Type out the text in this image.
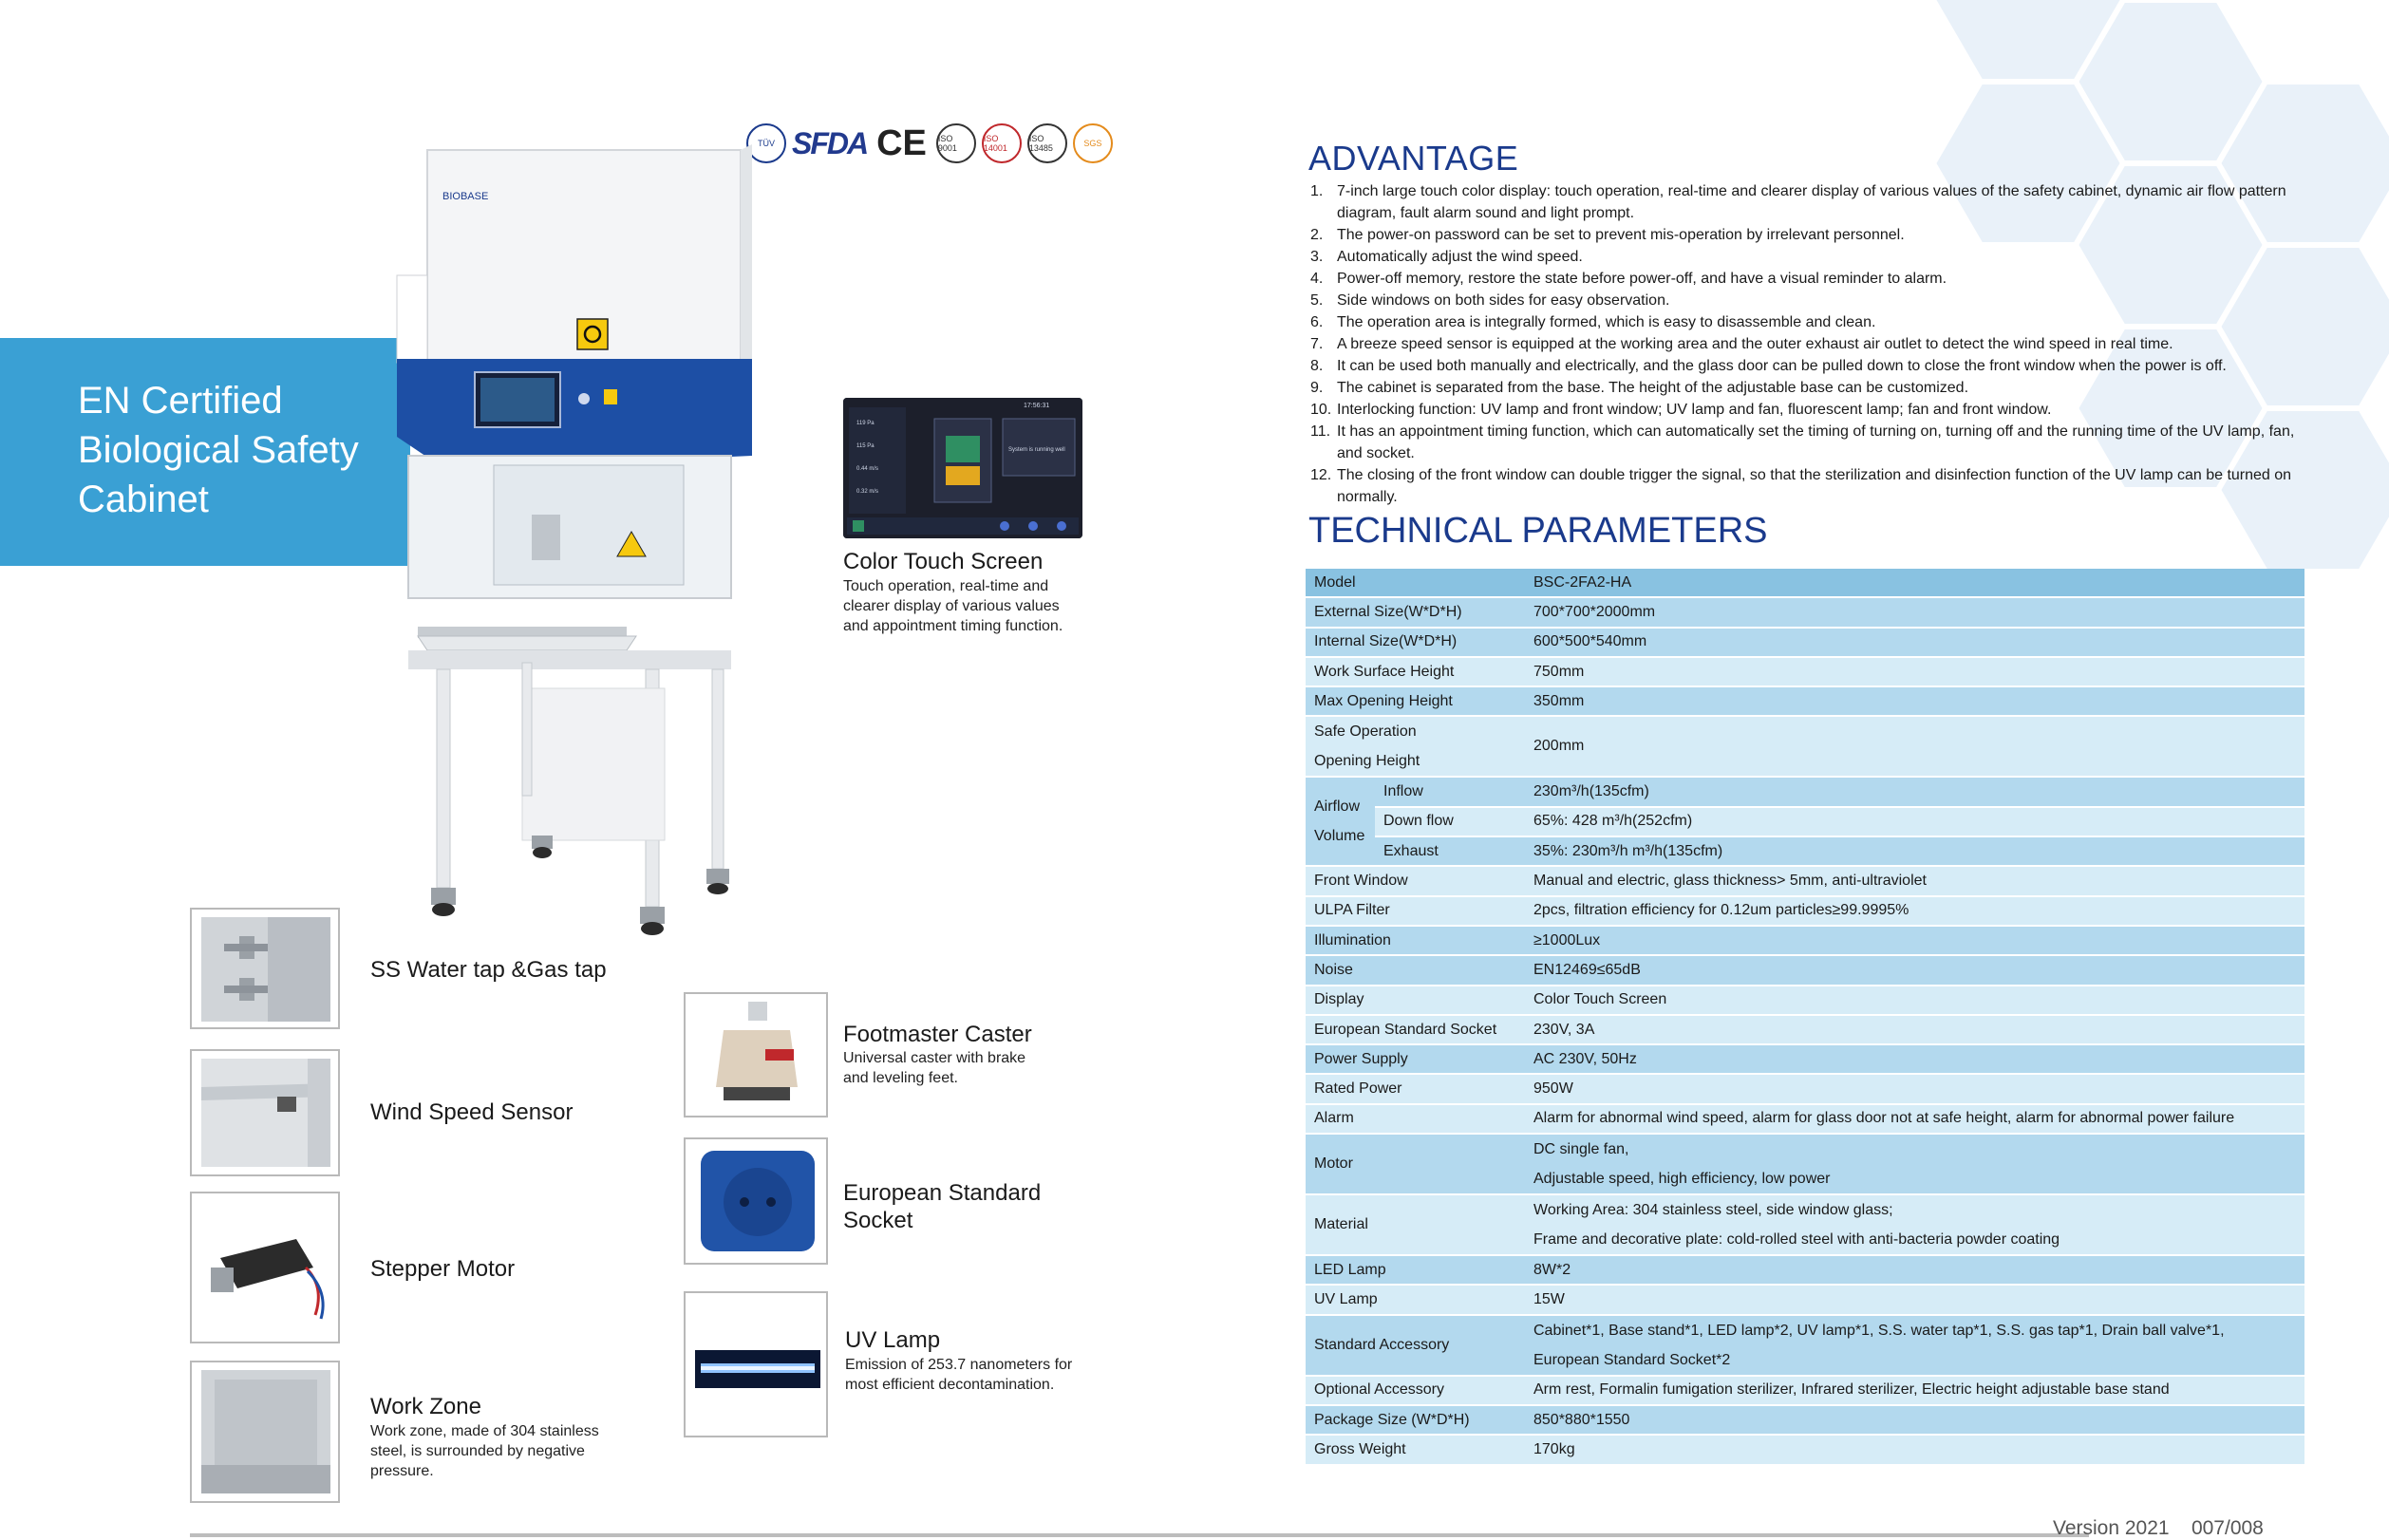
TÜV SFDA CE ISO 9001
ISO 14001
ISO 13485	SGS
EN Certified
Biological Safety
Cabinet
BIOBASE
17:56:31
119 Pa
115 Pa
0.44 m/s
0.32 m/s
System is running well
Color Touch Screen
Touch operation, real-time and
clearer display of various values
and appointment timing function.
SS Water tap &Gas tap
Wind Speed Sensor
Stepper Motor
Work Zone
Work zone, made of 304 stainless
steel, is surrounded by negative
pressure.
Footmaster Caster
Universal caster with brake
and leveling feet.
European Standard
Socket
UV Lamp
Emission of 253.7 nanometers for
most efficient decontamination.
ADVANTAGE
1. 7-inch large touch color display: touch operation, real-time and clearer display of various values of the safety cabinet, dynamic air flow pattern diagram, fault alarm sound and light prompt.
2. The power-on password can be set to prevent mis-operation by irrelevant personnel.
3. Automatically adjust the wind speed.
4. Power-off memory, restore the state before power-off, and have a visual reminder to alarm.
5. Side windows on both sides for easy observation.
6. The operation area is integrally formed, which is easy to disassemble and clean.
7. A breeze speed sensor is equipped at the working area and the outer exhaust air outlet to detect the wind speed in real time.
8. It can be used both manually and electrically, and the glass door can be pulled down to close the front window when the power is off.
9. The cabinet is separated from the base. The height of the adjustable base can be customized.
10. Interlocking function: UV lamp and front window; UV lamp and fan, fluorescent lamp; fan and front window.
11. It has an appointment timing function, which can automatically set the timing of turning on, turning off and the running time of the UV lamp, fan, and socket.
12. The closing of the front window can double trigger the signal, so that the sterilization and disinfection function of the UV lamp can be turned on normally.
TECHNICAL PARAMETERS
Model		BSC-2FA2-HA
External Size(W*D*H)		700*700*2000mm
Internal Size(W*D*H)		600*500*540mm
Work Surface Height		750mm
Max Opening Height		350mm

Safe Operation
Opening Height		200mm

Airflow
Volume	Inflow	230m³/h(135cfm)
	Down flow	65%: 428 m³/h(252cfm)
	Exhaust	35%: 230m³/h m³/h(135cfm)
Front Window		Manual and electric, glass thickness> 5mm, anti-ultraviolet
ULPA Filter		2pcs, filtration efficiency for 0.12um particles≥99.9995%
Illumination		≥1000Lux
Noise		EN12469≤65dB
Display		Color Touch Screen
European Standard Socket		230V, 3A
Power Supply		AC 230V, 50Hz
Rated Power		950W
Alarm		Alarm for abnormal wind speed, alarm for glass door not at safe height, alarm for abnormal power failure
Motor		DC single fan,
Adjustable speed, high efficiency, low power

Material		Working Area: 304 stainless steel, side window glass;
Frame and decorative plate: cold-rolled steel with anti-bacteria powder coating

LED Lamp		8W*2
UV Lamp		15W
Standard Accessory		Cabinet*1, Base stand*1, LED lamp*2, UV lamp*1, S.S. water tap*1, S.S. gas tap*1, Drain ball valve*1,
European Standard Socket*2

Optional Accessory		Arm rest, Formalin fumigation sterilizer, Infrared sterilizer, Electric height adjustable base stand
Package Size (W*D*H)		850*880*1550
Gross Weight		170kg
Version 2021 007/008
